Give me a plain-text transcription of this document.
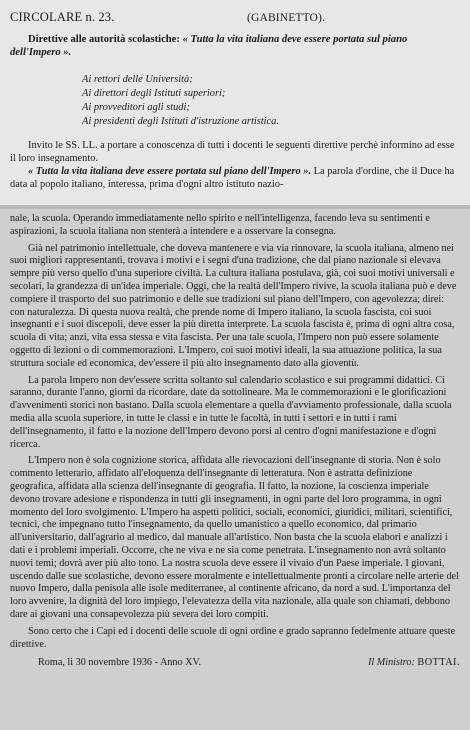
CIRCOLARE n. 23.	(GABINETTO).
Direttive alle autorità scolastiche: « Tutta la vita italiana deve essere portata sul piano dell'Impero ».
Ai rettori delle Università;
Ai direttori degli Istituti superiori;
Ai provveditori agli studi;
Ai presidenti degli Istituti d'istruzione artistica.

Invito le SS. LL. a portare a conoscenza di tutti i docenti le seguenti direttive perchè informino ad esse il loro insegnamento.

« Tutta la vita italiana deve essere portata sul piano dell'Impero ». La parola d'ordine, che il Duce ha data al popolo italiano, interessa, prima d'ogni altro istituto nazio-

nale, la scuola. Operando immediatamente nello spirito e nell'intelligenza, facendo leva su sentimenti e aspirazioni, la scuola italiana non stenterà a intendere e a osservare la consegna.

Già nel patrimonio intellettuale, che doveva mantenere e via via rinnovare, la scuola italiana, almeno nei suoi migliori rappresentanti, trovava i motivi e i segni d'una tradizione, che dal piano nazionale si elevava sempre più verso quello d'una superiore civiltà. La cultura italiana postulava, già, coi suoi motivi universali e secolari, la grandezza di un'idea imperiale. Oggi, che la realtà dell'Impero rivive, la scuola italiana può e deve compiere il trasporto del suo patrimonio e delle sue tradizioni sul piano dell'Impero, con agevolezza; direi: con naturalezza. Di questa nuova realtà, che prende nome di Impero italiano, la scuola fascista, coi suoi insegnanti e i suoi discepoli, deve esser la più diretta interprete. La scuola fascista è, prima di ogni altra cosa, scuola di vita; anzi, vita essa stessa e vita fascista. Per una tale scuola, l'Impero non può essere solamente oggetto di lezioni o di commemorazioni. L'Impero, coi suoi motivi ideali, la sua attuazione politica, la sua struttura sociale ed economica, dev'essere il più alto insegnamento dato alla gioventù.

La parola Impero non dev'essere scritta soltanto sul calendario scolastico e sui programmi didattici. Ci saranno, durante l'anno, giorni da ricordare, date da sottolineare. Ma le commemorazioni e le glorificazioni d'avvenimenti storici non bastano. Dalla scuola elementare a quella d'avviamento professionale, dalla scuola media alla scuola superiore, in tutte le classi e in tutte le facoltà, in tutti i settori e in tutti i rami dell'insegnamento, il fatto e la nozione dell'Impero devono porsi al centro d'ogni manifestazione e d'ogni ricerca.

L'Impero non è sola cognizione storica, affidata alle rievocazioni dell'insegnante di storia. Non è solo commento letterario, affidato all'eloquenza dell'insegnante di letteratura. Non è astratta definizione geografica, affidata alla scienza dell'insegnante di geografia. Il fatto, la nozione, la coscienza imperiale devono trovare adesione e rispondenza in tutti gli insegnamenti, in ogni parte del loro programma, in ogni momento del loro svolgimento. L'Impero ha aspetti politici, sociali, economici, giuridici, militari, scientifici, tecnici, che impegnano tutto l'insegnamento, da quello umanistico a quello economico, dal primario all'universitario, dall'agrario al medico, dal manuale all'artistico. Non basta che la scuola elabori e analizzi i dati e i problemi imperiali. Occorre, che ne viva e ne sia come penetrata. L'insegnamento non avrà soltanto nuovi temi; dovrà aver più alto tono. La nostra scuola deve essere il vivaio d'un Paese imperiale. I giovani, uscendo dalle sue scolastiche, devono essere moralmente e intellettualmente pronti a circolare nelle arterie del nuovo Impero, dalla penisola alle isole mediterranee, al continente africano, da nord a sud. L'importanza del loro avvenire, la dignità del loro impiego, l'elevatezza della vita nazionale, alla quale son chiamati, debbono dare ai giovani una consapevolezza più severa dei loro compiti.

Sono certo che i Capi ed i docenti delle scuole di ogni ordine e grado sapranno fedelmente attuare queste direttive.

Roma, li 30 novembre 1936 - Anno XV.	Il Ministro: BOTTAI.
